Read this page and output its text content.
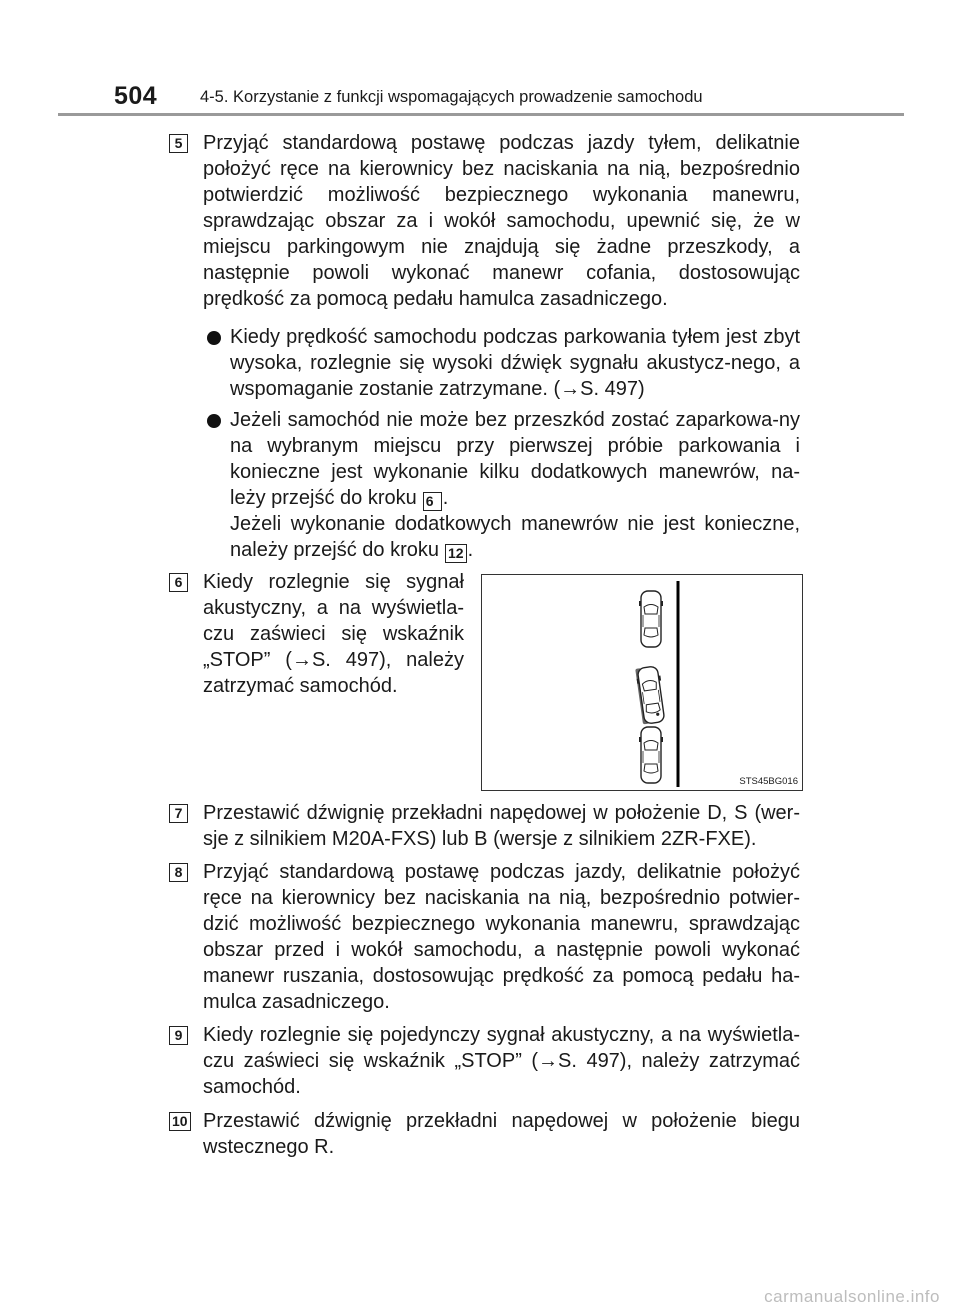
504	4-5. Korzystanie z funkcji wspomagających prowadzenie samochodu
5 Przyjąć standardową postawę podczas jazdy tyłem, delikatnie położyć ręce na kierownicy bez naciskania na nią, bezpośrednio potwierdzić możliwość bezpiecznego wykonania manewru, sprawdzając obszar za i wokół samochodu, upewnić się, że w miejscu parkingowym nie znajdują się żadne przeszkody, a następnie powoli wykonać manewr cofania, dostosowując prędkość za pomocą pedału hamulca zasadniczego.

Kiedy prędkość samochodu podczas parkowania tyłem jest zbyt wysoka, rozlegnie się wysoki dźwięk sygnału akustycz-nego, a wspomaganie zostanie zatrzymane. (→S. 497)

Jeżeli samochód nie może bez przeszkód zostać zaparkowa-ny na wybranym miejscu przy pierwszej próbie parkowania i konieczne jest wykonanie kilku dodatkowych manewrów, na-leży przejść do kroku 6 .

Jeżeli wykonanie dodatkowych manewrów nie jest konieczne, należy przejść do kroku 12 .

6 Kiedy rozlegnie się sygnał akustyczny, a na wyświetla-czu zaświeci się wskaźnik „STOP” (→S. 497), należy zatrzymać samochód.

STS45BG016
7 Przestawić dźwignię przekładni napędowej w położenie D, S (wer-sje z silnikiem M20A-FXS) lub B (wersje z silnikiem 2ZR-FXE).

8 Przyjąć standardową postawę podczas jazdy, delikatnie położyć ręce na kierownicy bez naciskania na nią, bezpośrednio potwier-dzić możliwość bezpiecznego wykonania manewru, sprawdzając obszar przed i wokół samochodu, a następnie powoli wykonać manewr ruszania, dostosowując prędkość za pomocą pedału ha-mulca zasadniczego.

9 Kiedy rozlegnie się pojedynczy sygnał akustyczny, a na wyświetla-czu zaświeci się wskaźnik „STOP” (→S. 497), należy zatrzymać samochód.

10 Przestawić dźwignię przekładni napędowej w położenie biegu wstecznego R.

carmanualsonline.info
